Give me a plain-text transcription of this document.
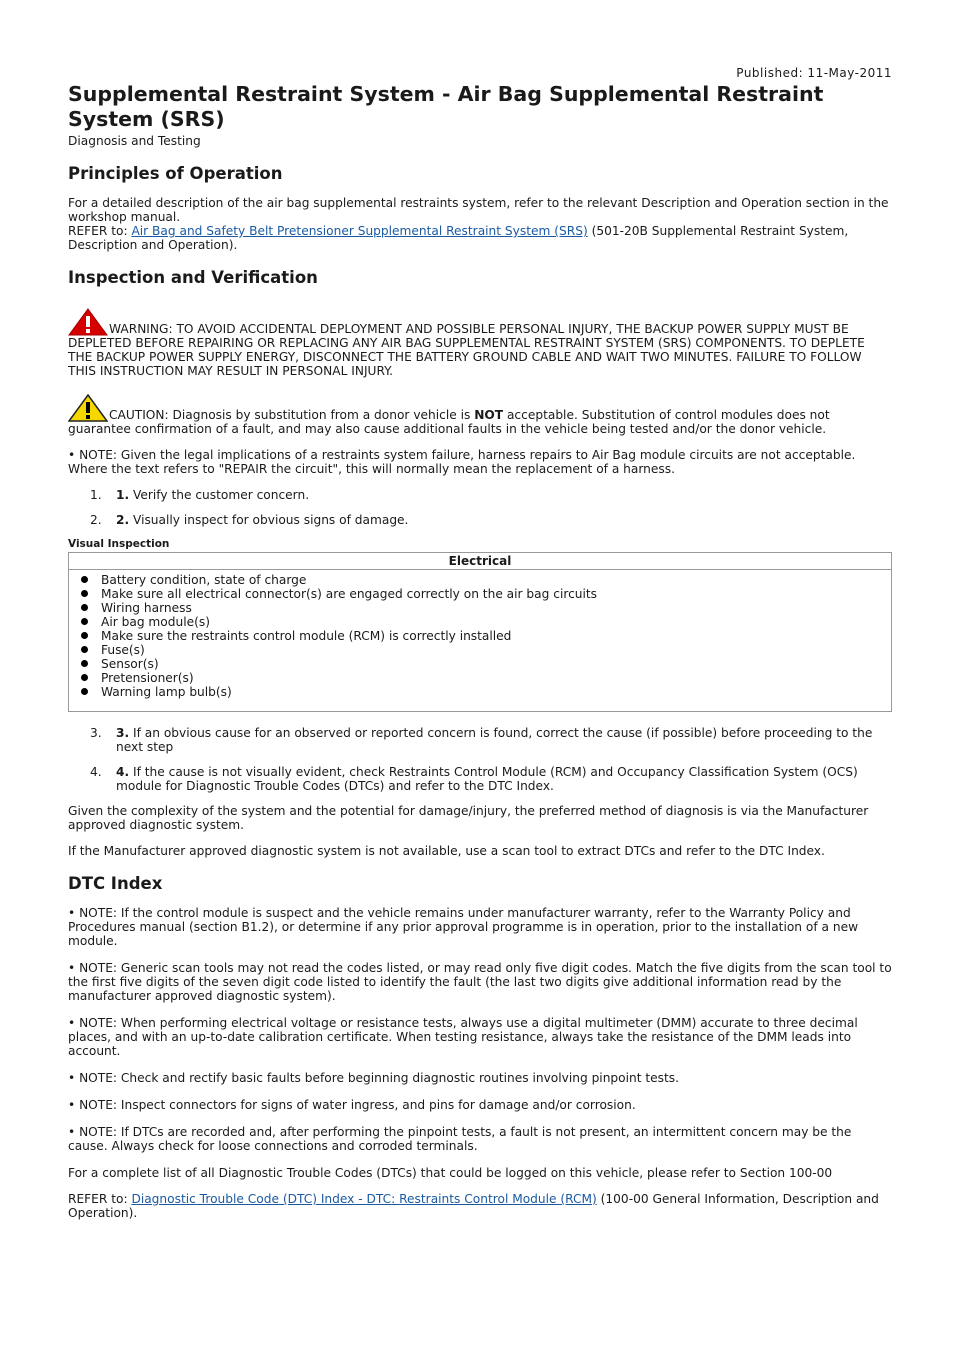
Published: 11-May-2011
Supplemental Restraint System - Air Bag Supplemental Restraint System (SRS)
Diagnosis and Testing
Principles of Operation

For a detailed description of the air bag supplemental restraints system, refer to the relevant Description and Operation section in the workshop manual.
REFER to: Air Bag and Safety Belt Pretensioner Supplemental Restraint System (SRS) (501-20B Supplemental Restraint System, Description and Operation).

Inspection and Verification

WARNING: TO AVOID ACCIDENTAL DEPLOYMENT AND POSSIBLE PERSONAL INJURY, THE BACKUP POWER SUPPLY MUST BE DEPLETED BEFORE REPAIRING OR REPLACING ANY AIR BAG SUPPLEMENTAL RESTRAINT SYSTEM (SRS) COMPONENTS. TO DEPLETE THE BACKUP POWER SUPPLY ENERGY, DISCONNECT THE BATTERY GROUND CABLE AND WAIT TWO MINUTES. FAILURE TO FOLLOW THIS INSTRUCTION MAY RESULT IN PERSONAL INJURY.

CAUTION: Diagnosis by substitution from a donor vehicle is NOT acceptable. Substitution of control modules does not guarantee confirmation of a fault, and may also cause additional faults in the vehicle being tested and/or the donor vehicle.

• NOTE: Given the legal implications of a restraints system failure, harness repairs to Air Bag module circuits are not acceptable. Where the text refers to "REPAIR the circuit", this will normally mean the replacement of a harness.

1.	1. Verify the customer concern.
2.	2. Visually inspect for obvious signs of damage.
Visual Inspection
Electrical

Battery condition, state of charge
Make sure all electrical connector(s) are engaged correctly on the air bag circuits
Wiring harness
Air bag module(s)
Make sure the restraints control module (RCM) is correctly installed
Fuse(s)
Sensor(s)
Pretensioner(s)
Warning lamp bulb(s)
3.	3. If an obvious cause for an observed or reported concern is found, correct the cause (if possible) before proceeding to the next step
4.	4. If the cause is not visually evident, check Restraints Control Module (RCM) and Occupancy Classification System (OCS) module for Diagnostic Trouble Codes (DTCs) and refer to the DTC Index.

Given the complexity of the system and the potential for damage/injury, the preferred method of diagnosis is via the Manufacturer approved diagnostic system.

If the Manufacturer approved diagnostic system is not available, use a scan tool to extract DTCs and refer to the DTC Index.

DTC Index

• NOTE: If the control module is suspect and the vehicle remains under manufacturer warranty, refer to the Warranty Policy and Procedures manual (section B1.2), or determine if any prior approval programme is in operation, prior to the installation of a new module.

• NOTE: Generic scan tools may not read the codes listed, or may read only five digit codes. Match the five digits from the scan tool to the first five digits of the seven digit code listed to identify the fault (the last two digits give additional information read by the manufacturer approved diagnostic system).

• NOTE: When performing electrical voltage or resistance tests, always use a digital multimeter (DMM) accurate to three decimal places, and with an up-to-date calibration certificate. When testing resistance, always take the resistance of the DMM leads into account.

• NOTE: Check and rectify basic faults before beginning diagnostic routines involving pinpoint tests.

• NOTE: Inspect connectors for signs of water ingress, and pins for damage and/or corrosion.

• NOTE: If DTCs are recorded and, after performing the pinpoint tests, a fault is not present, an intermittent concern may be the cause. Always check for loose connections and corroded terminals.

For a complete list of all Diagnostic Trouble Codes (DTCs) that could be logged on this vehicle, please refer to Section 100-00

REFER to: Diagnostic Trouble Code (DTC) Index - DTC: Restraints Control Module (RCM) (100-00 General Information, Description and Operation).
